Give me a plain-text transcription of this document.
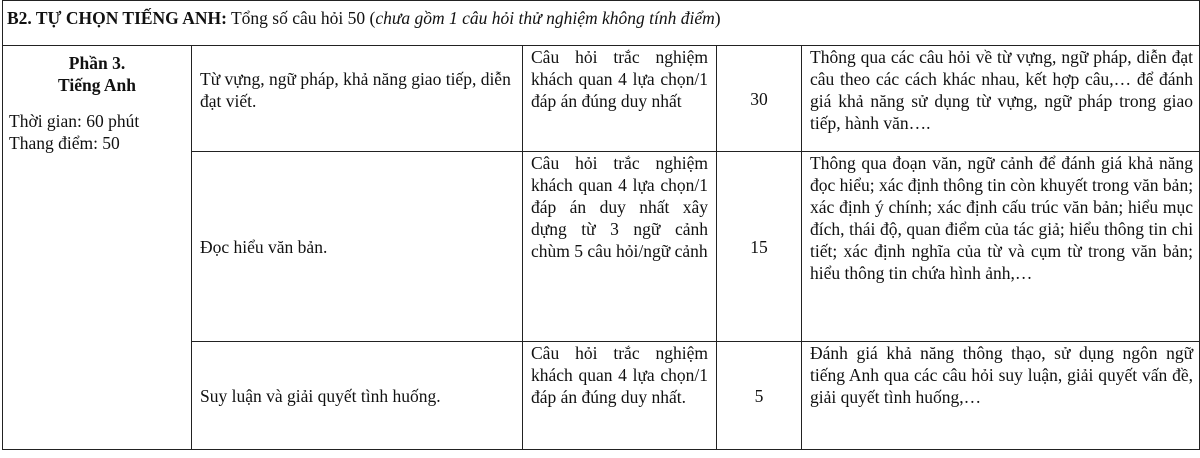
B2. TỰ CHỌN TIẾNG ANH: Tổng số câu hỏi 50 (chưa gồm 1 câu hỏi thử nghiệm không tính điểm)				

Phần 3.
Tiếng Anh
Thời gian: 60 phút
Thang điểm: 50	Từ vựng, ngữ pháp, khả năng giao tiếp, diễn đạt viết.	Câu hỏi trắc nghiệm khách quan 4 lựa chọn/1 đáp án đúng duy nhất	30	Thông qua các câu hỏi về từ vựng, ngữ pháp, diễn đạt câu theo các cách khác nhau, kết hợp câu,… để đánh giá khả năng sử dụng từ vựng, ngữ pháp trong giao tiếp, hành văn….
	Đọc hiểu văn bản.	Câu hỏi trắc nghiệm khách quan 4 lựa chọn/1 đáp án duy nhất xây dựng từ 3 ngữ cảnh chùm 5 câu hỏi/ngữ cảnh	15	Thông qua đoạn văn, ngữ cảnh để đánh giá khả năng đọc hiểu; xác định thông tin còn khuyết trong văn bản; xác định ý chính; xác định cấu trúc văn bản; hiểu mục đích, thái độ, quan điểm của tác giả; hiểu thông tin chi tiết; xác định nghĩa của từ và cụm từ trong văn bản; hiểu thông tin chứa hình ảnh,…
	Suy luận và giải quyết tình huống.	Câu hỏi trắc nghiệm khách quan 4 lựa chọn/1 đáp án đúng duy nhất.	5	Đánh giá khả năng thông thạo, sử dụng ngôn ngữ tiếng Anh qua các câu hỏi suy luận, giải quyết vấn đề, giải quyết tình huống,…
